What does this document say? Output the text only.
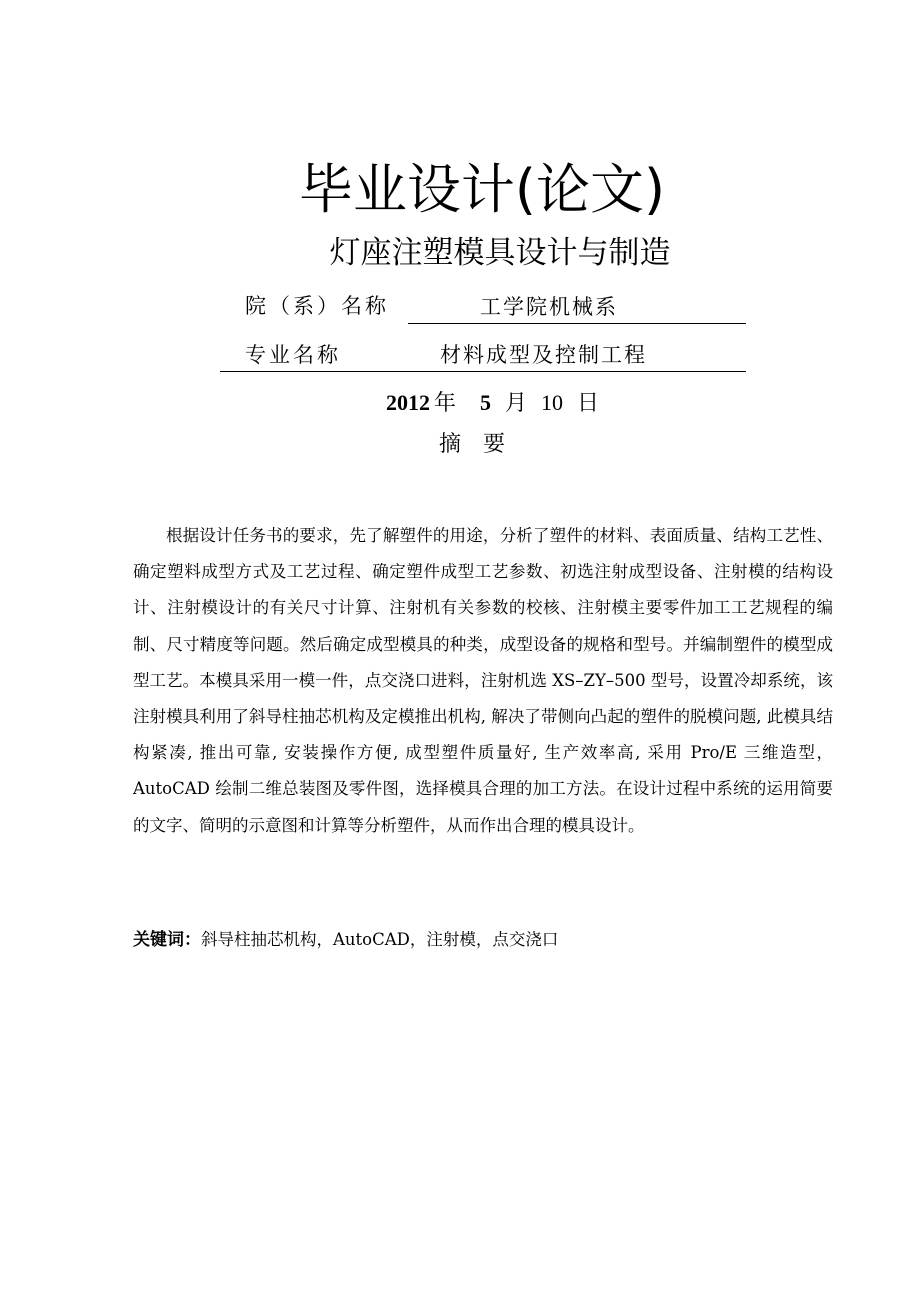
毕业设计(论文)
灯座注塑模具设计与制造
院（系）名称	工学院机械系
专业名称	材料成型及控制工程
2012 年 5 月 10 日
摘要

根据设计任务书的要求，先了解塑件的用途，分析了塑件的材料、表面质量、结构工艺性、确定塑料成型方式及工艺过程、确定塑件成型工艺参数、初选注射成型设备、注射模的结构设计、注射模设计的有关尺寸计算、注射机有关参数的校核、注射模主要零件加工工艺规程的编制、尺寸精度等问题。然后确定成型模具的种类，成型设备的规格和型号。并编制塑件的模型成型工艺。本模具采用一模一件，点交浇口进料，注射机选 XS–ZY–500 型号，设置冷却系统，该注射模具利用了斜导柱抽芯机构及定模推出机构, 解决了带侧向凸起的塑件的脱模问题, 此模具结构紧凑, 推出可靠, 安装操作方便, 成型塑件质量好, 生产效率高, 采用 Pro/E 三维造型，AutoCAD 绘制二维总装图及零件图，选择模具合理的加工方法。在设计过程中系统的运用简要的文字、简明的示意图和计算等分析塑件，从而作出合理的模具设计。

关键词：斜导柱抽芯机构，AutoCAD，注射模，点交浇口
